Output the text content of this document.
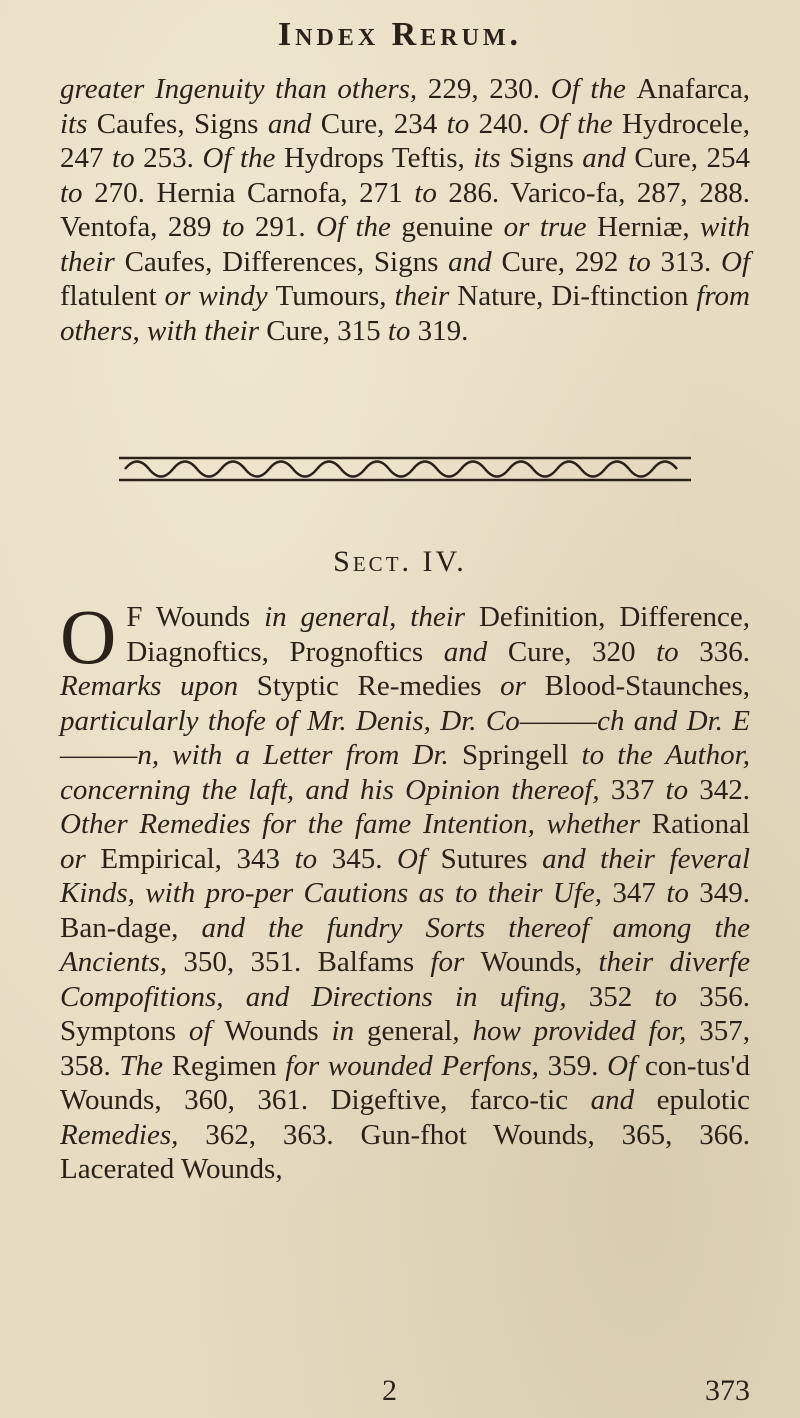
Index Rerum.

greater Ingenuity than others, 229, 230. Of the Anafarca, its Caufes, Signs and Cure, 234 to 240. Of the Hydrocele, 247 to 253. Of the Hydrops Teftis, its Signs and Cure, 254 to 270. Hernia Carnofa, 271 to 286. Varico-fa, 287, 288. Ventofa, 289 to 291. Of the genuine or true Herniæ, with their Caufes, Differences, Signs and Cure, 292 to 313. Of flatulent or windy Tumours, their Nature, Di-ftinction from others, with their Cure, 315 to 319.

Sect. IV.
O F Wounds in general, their Definition, Difference, Diagnoftics, Prognoftics and Cure, 320 to 336. Remarks upon Styptic Re-medies or Blood-Staunches, particularly thofe of Mr. Denis, Dr. Co———ch and Dr. E———n, with a Letter from Dr. Springell to the Author, concerning the laft, and his Opinion thereof, 337 to 342. Other Remedies for the fame Intention, whether Rational or Empirical, 343 to 345. Of Sutures and their feveral Kinds, with pro-per Cautions as to their Ufe, 347 to 349. Ban-dage, and the fundry Sorts thereof among the Ancients, 350, 351. Balfams for Wounds, their diverfe Compofitions, and Directions in ufing, 352 to 356. Symptons of Wounds in general, how provided for, 357, 358. The Regimen for wounded Perfons, 359. Of con-tus'd Wounds, 360, 361. Digeftive, farco-tic and epulotic Remedies, 362, 363. Gun-fhot Wounds, 365, 366. Lacerated Wounds,

2	373
